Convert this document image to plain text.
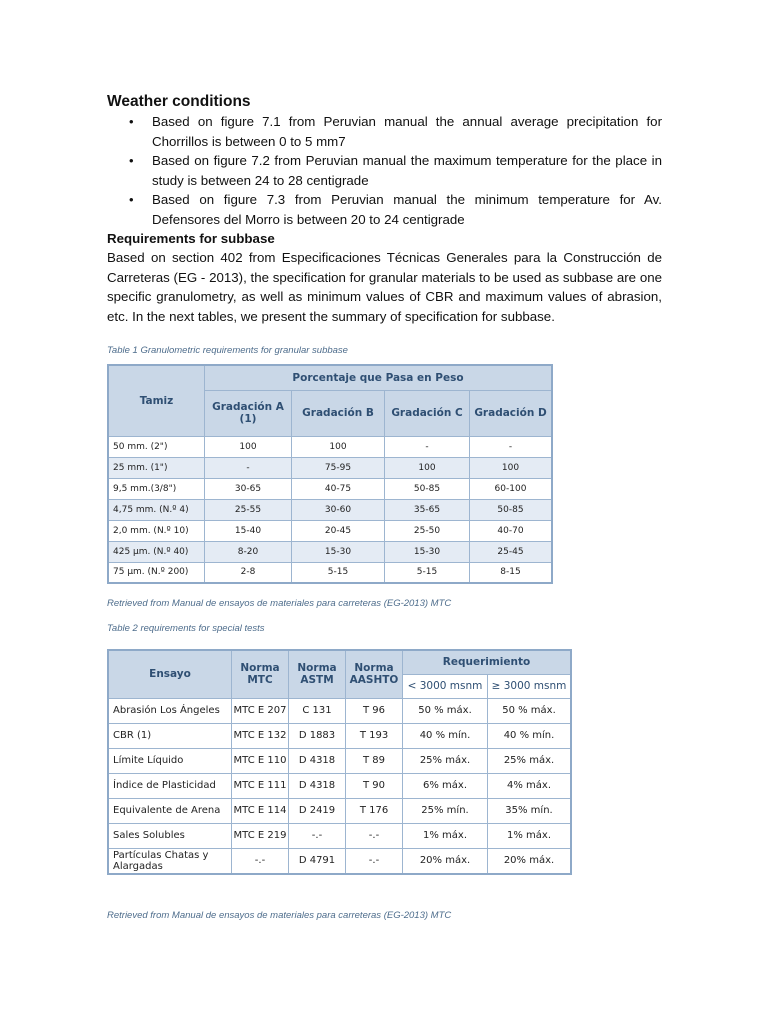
Weather conditions
• Based on figure 7.1 from Peruvian manual the annual average precipitation for Chorrillos is between 0 to 5 mm7
• Based on figure 7.2 from Peruvian manual the maximum temperature for the place in study is between 24 to 28 centigrade
• Based on figure 7.3 from Peruvian manual the minimum temperature for Av. Defensores del Morro is between 20 to 24 centigrade
Requirements for subbase

Based on section 402 from Especificaciones Técnicas Generales para la Construcción de Carreteras (EG - 2013), the specification for granular materials to be used as subbase are one specific granulometry, as well as minimum values of CBR and maximum values of abrasion, etc. In the next tables, we present the summary of specification for subbase.

Table 1 Granulometric requirements for granular subbase
Tamiz	Porcentaje que Pasa en Peso			
	Gradación A (1)	Gradación B	Gradación C	Gradación D
50 mm. (2")	100	100	-	-
25 mm. (1")	-	75-95	100	100
9,5 mm.(3/8")	30-65	40-75	50-85	60-100
4,75 mm. (N.º 4)	25-55	30-60	35-65	50-85
2,0 mm. (N.º 10)	15-40	20-45	25-50	40-70
425 µm. (N.º 40)	8-20	15-30	15-30	25-45
75 µm. (N.º 200)	2-8	5-15	5-15	8-15
Retrieved from Manual de ensayos de materiales para carreteras (EG-2013) MTC
Table 2 requirements for special tests
Ensayo	Norma MTC	Norma ASTM	Norma AASHTO	Requerimiento	
				< 3000 msnm	≥ 3000 msnm
Abrasión Los Ángeles	MTC E 207	C 131	T 96	50 % máx.	50 % máx.
CBR (1)	MTC E 132	D 1883	T 193	40 % mín.	40 % mín.
Límite Líquido	MTC E 110	D 4318	T 89	25% máx.	25% máx.
Índice de Plasticidad	MTC E 111	D 4318	T 90	6% máx.	4% máx.
Equivalente de Arena	MTC E 114	D 2419	T 176	25% mín.	35% mín.
Sales Solubles	MTC E 219	-.-	-.-	1% máx.	1% máx.
Partículas Chatas y Alargadas	-.-	D 4791	-.-	20% máx.	20% máx.
Retrieved from Manual de ensayos de materiales para carreteras (EG-2013) MTC
